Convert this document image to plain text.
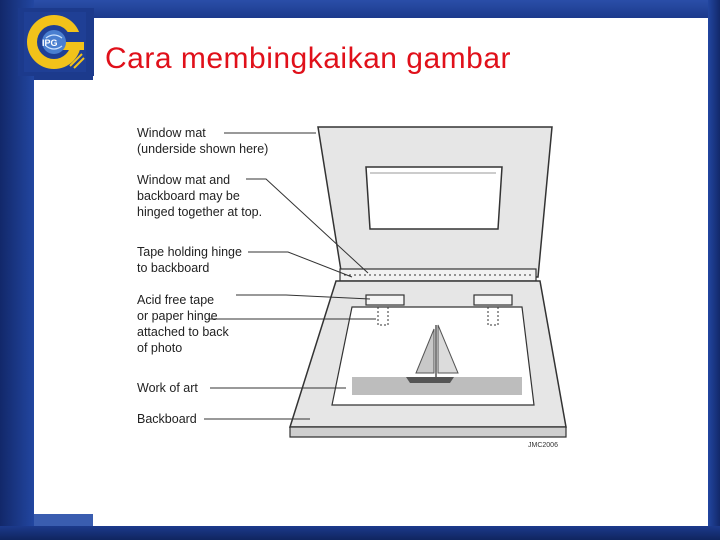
IPG Cara membingkaikan gambar
Window mat
(underside shown here)
Window mat and
backboard may be
hinged together at top.
Tape holding hinge
to backboard
Acid free tape
or paper hinge
attached to back
of photo
Work of art
Backboard
JMC2006
